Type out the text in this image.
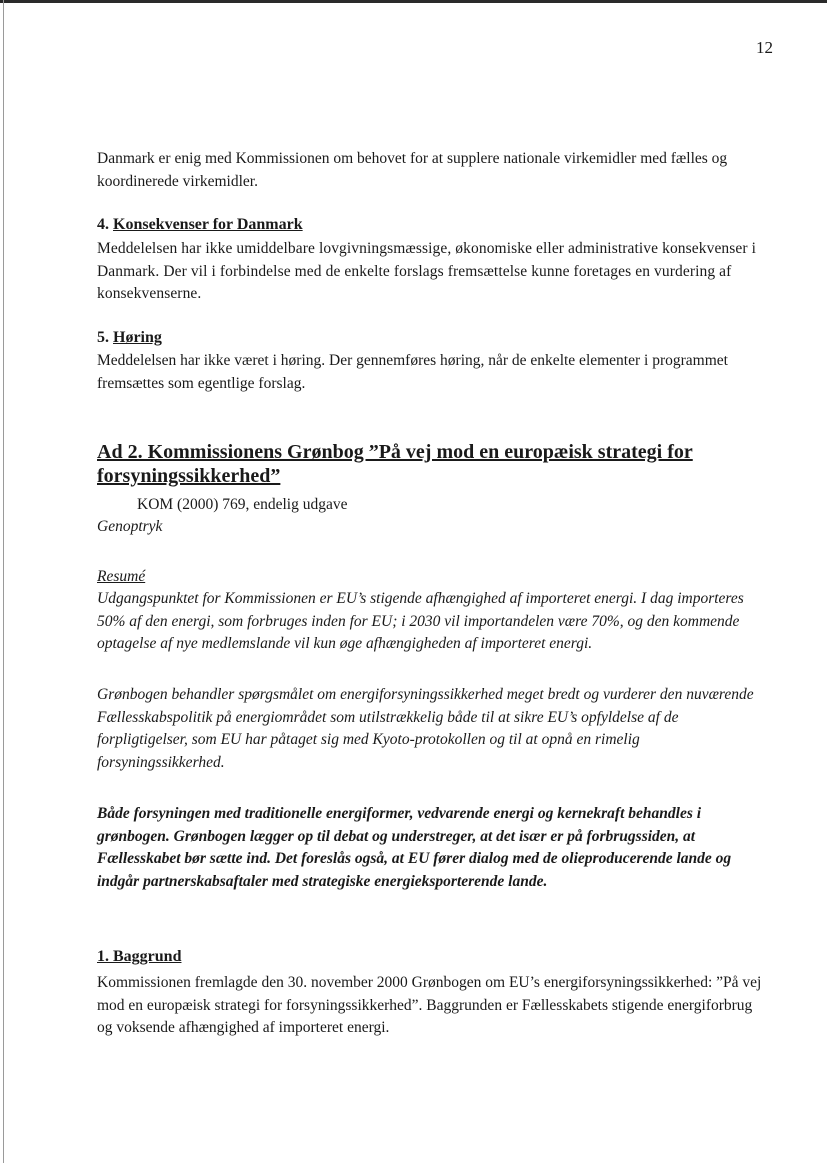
12
Danmark er enig med Kommissionen om behovet for at supplere nationale virkemidler med fælles og koordinerede virkemidler.
4. Konsekvenser for Danmark
Meddelelsen har ikke umiddelbare lovgivningsmæssige, økonomiske eller administrative konsekvenser i Danmark. Der vil i forbindelse med de enkelte forslags fremsættelse kunne foretages en vurdering af konsekvenserne.
5. Høring
Meddelelsen har ikke været i høring. Der gennemføres høring, når de enkelte elementer i programmet fremsættes som egentlige forslag.
Ad 2. Kommissionens Grønbog ”På vej mod en europæisk strategi for forsyningssikkerhed”
KOM (2000) 769, endelig udgave
Genoptryk
Resumé
Udgangspunktet for Kommissionen er EU’s stigende afhængighed af importeret energi. I dag importeres 50% af den energi, som forbruges inden for EU; i 2030 vil importandelen være 70%, og den kommende optagelse af nye medlemslande vil kun øge afhængigheden af importeret energi.
Grønbogen behandler spørgsmålet om energiforsyningssikkerhed meget bredt og vurderer den nuværende Fællesskabspolitik på energiområdet som utilstrækkelig både til at sikre EU’s opfyldelse af de forpligtigelser, som EU har påtaget sig med Kyoto-protokollen og til at opnå en rimelig forsyningssikkerhed.
Både forsyningen med traditionelle energiformer, vedvarende energi og kernekraft behandles i grønbogen. Grønbogen lægger op til debat og understreger, at det især er på forbrugssiden, at Fællesskabet bør sætte ind. Det foreslås også, at EU fører dialog med de olieproducerende lande og indgår partnerskabsaftaler med strategiske energieksporterende lande.
1. Baggrund
Kommissionen fremlagde den 30. november 2000 Grønbogen om EU’s energiforsyningssikkerhed: ”På vej mod en europæisk strategi for forsyningssikkerhed”. Baggrunden er Fællesskabets stigende energiforbrug og voksende afhængighed af importeret energi.
